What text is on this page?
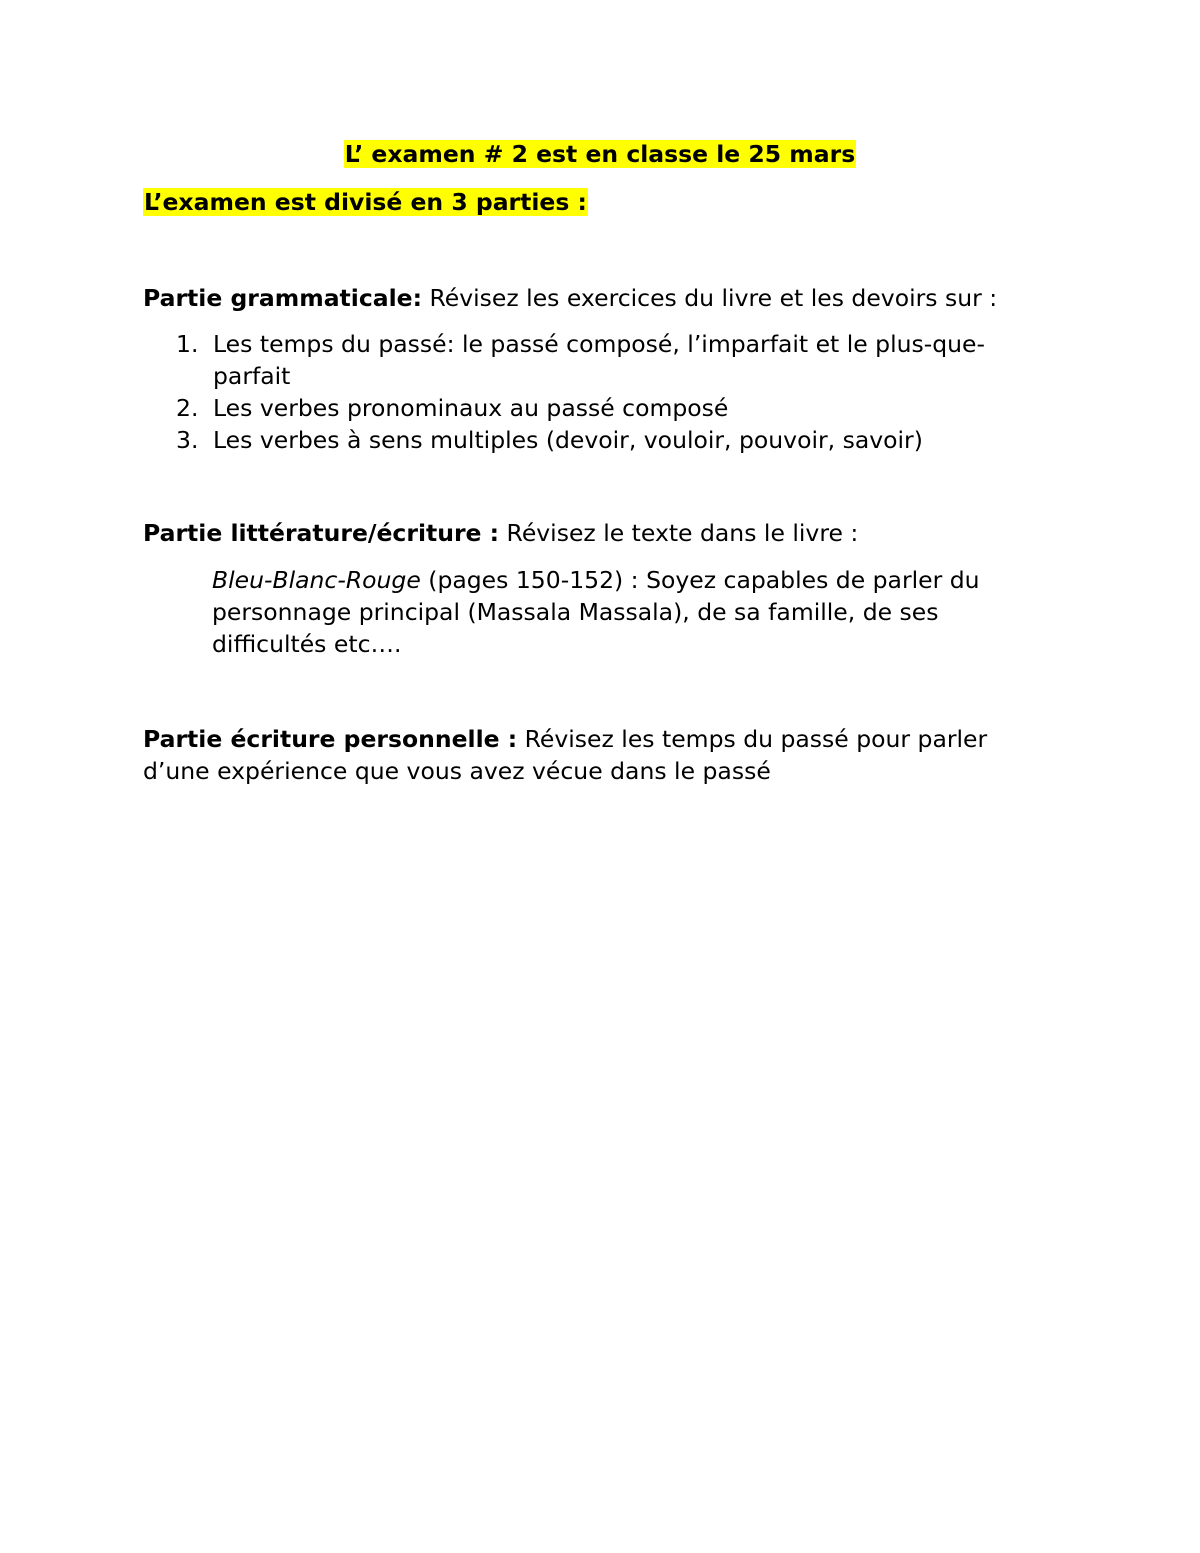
L’ examen # 2 est en classe le 25 mars
L’examen est divisé en 3 parties :
Partie grammaticale: Révisez les exercices du livre et les devoirs sur :
1. Les temps du passé: le passé composé, l’imparfait et le plus-que-parfait
2. Les verbes pronominaux au passé composé
3. Les verbes à sens multiples (devoir, vouloir, pouvoir, savoir)
Partie littérature/écriture : Révisez le texte dans le livre :
Bleu-Blanc-Rouge (pages 150-152) : Soyez capables de parler du personnage principal (Massala Massala), de sa famille, de ses difficultés etc….
Partie écriture personnelle : Révisez les temps du passé pour parler d’une expérience que vous avez vécue dans le passé
